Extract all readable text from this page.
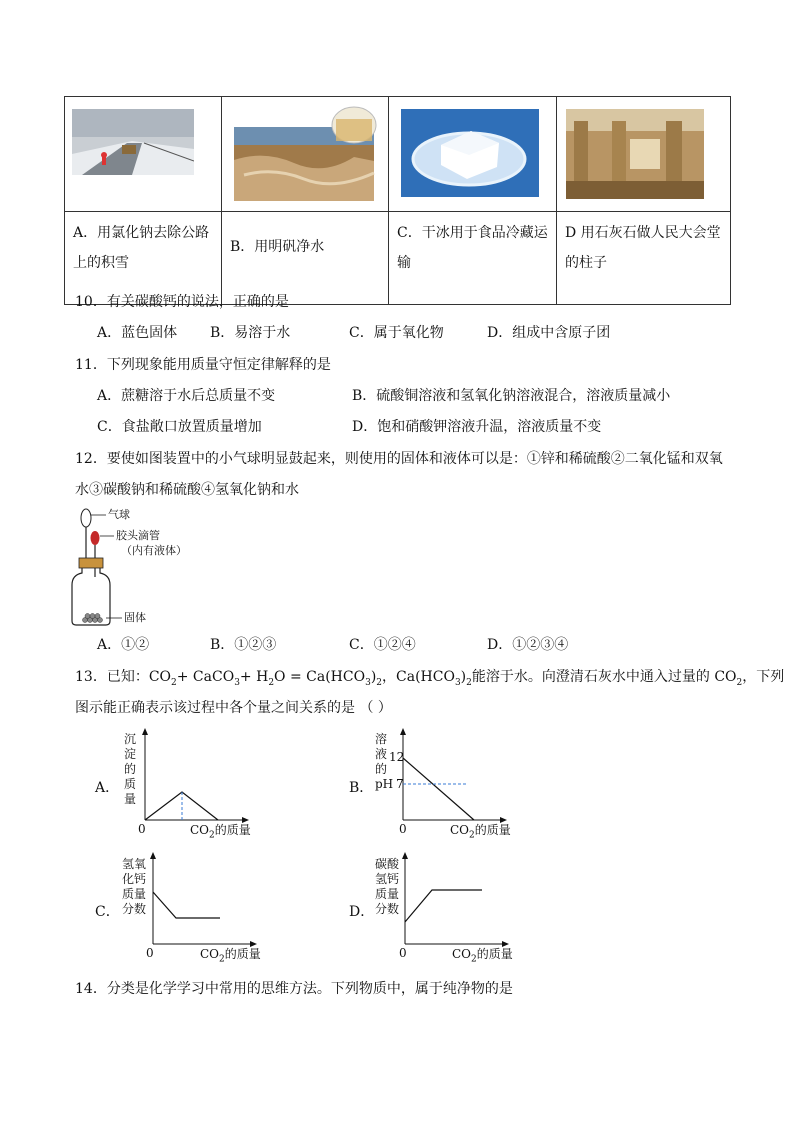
A．用氯化钠去除公路上的积雪	B．用明矾净水	C．干冰用于食品冷藏运输	D 用石灰石做人民大会堂的柱子
10．有关碳酸钙的说法，正确的是
A．蓝色固体 B．易溶于水	C．属于氧化物	D．组成中含原子团
11．下列现象能用质量守恒定律解释的是
A．蔗糖溶于水后总质量不变	B．硫酸铜溶液和氢氧化钠溶液混合，溶液质量减小
C．食盐敞口放置质量增加	D．饱和硝酸钾溶液升温，溶液质量不变
12．要使如图装置中的小气球明显鼓起来，则使用的固体和液体可以是：①锌和稀硫酸②二氧化锰和双氧
水③碳酸钠和稀硫酸④氢氧化钠和水
气球
胶头滴管
（内有液体）
固体
A．①②	B．①②③	C．①②④	D．①②③④
13．已知：$CO_2+$ CaCO$_3$+ $H_2O = Ca(HCO_3)_2$，$Ca(HCO_3)_2$能溶于水。向澄清石灰水中通入过量的 $CO_2$，下列
图示能正确表示该过程中各个量之间关系的是 （ ）
A．
沉
淀
的
质
量
0	$CO_2$的质量
B．
溶
液
的
pH
12
7
0	$CO_2$的质量
C．
氢氧
化钙
质量
分数
0	$CO_2$的质量
D．
碳酸
氢钙
质量
分数
0	$CO_2$的质量
14．分类是化学学习中常用的思维方法。下列物质中，属于纯净物的是
